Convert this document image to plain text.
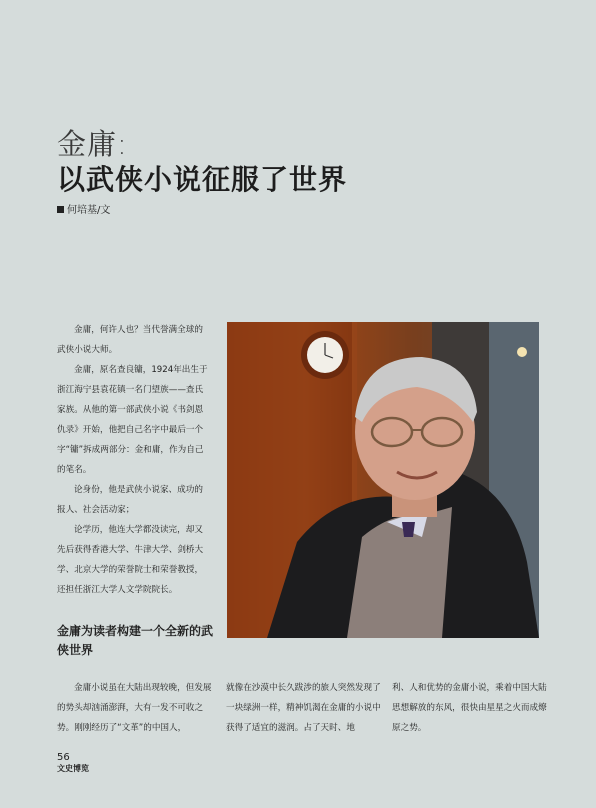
金庸:
以武侠小说征服了世界
何培基/文

金庸，何许人也？当代誉满全球的武侠小说大师。

金庸，原名查良镛，1924年出生于浙江海宁县袁花镇一名门望族——查氏家族。从他的第一部武侠小说《书剑恩仇录》开始，他把自己名字中最后一个字“镛”拆成两部分：金和庸，作为自己的笔名。

论身份，他是武侠小说家、成功的报人、社会活动家；

论学历，他连大学都没读完，却又先后获得香港大学、牛津大学、剑桥大学、北京大学的荣誉院士和荣誉教授，还担任浙江大学人文学院院长。

金庸为读者构建一个全新的武侠世界

金庸小说虽在大陆出现较晚，但发展的势头却汹涌澎湃，大有一发不可收之势。刚刚经历了“文革”的中国人，

就像在沙漠中长久跋涉的旅人突然发现了一块绿洲一样，精神饥渴在金庸的小说中获得了适宜的滋润。占了天时、地

利、人和优势的金庸小说，乘着中国大陆思想解放的东风，很快由星星之火而成燎原之势。

56
文史博览
